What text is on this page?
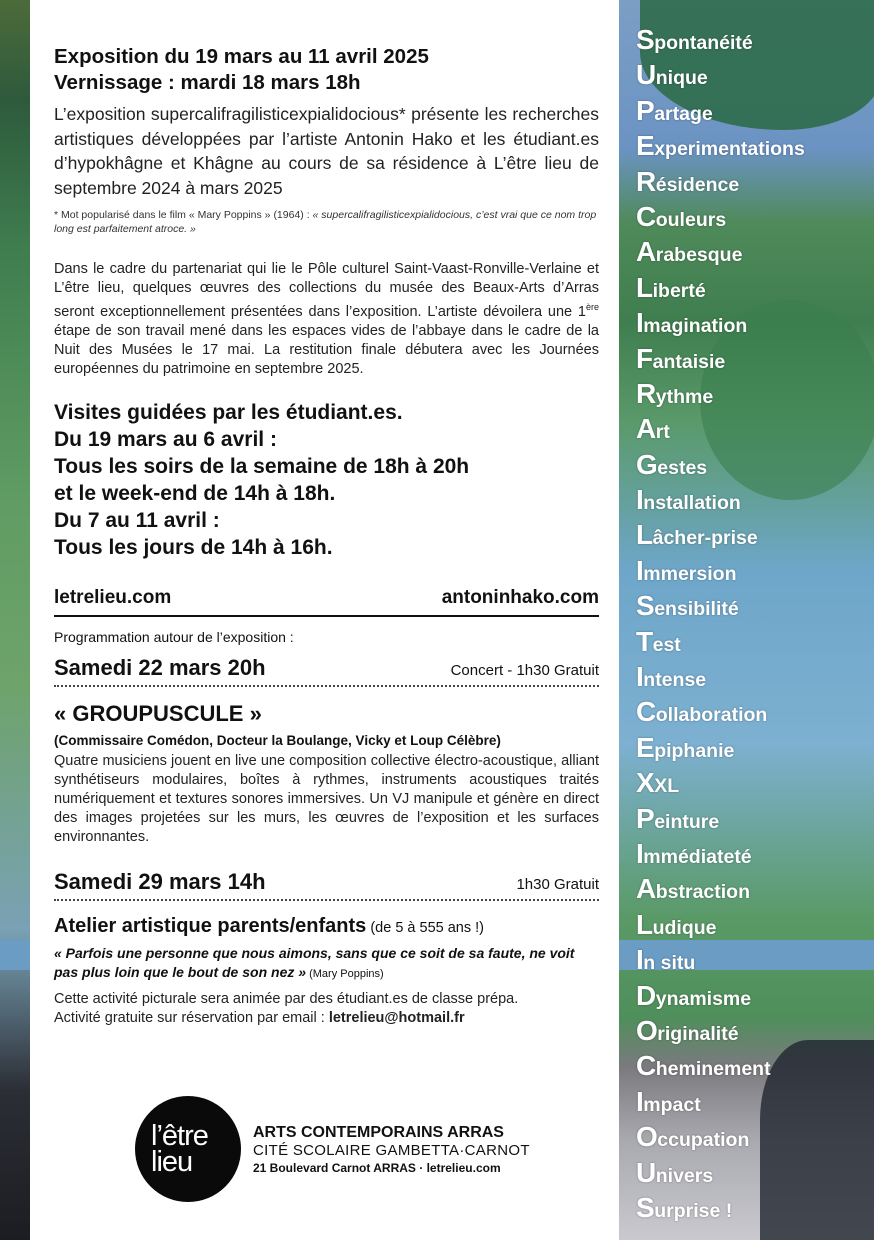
Exposition du 19 mars au 11 avril 2025
Vernissage : mardi 18 mars 18h

L’exposition supercalifragilisticexpialidocious* présente les recherches artistiques développées par l’artiste Antonin Hako et les étudiant.es d’hypokhâgne et Khâgne au cours de sa résidence à L’être lieu de septembre 2024 à mars 2025

* Mot popularisé dans le film « Mary Poppins » (1964) : « supercalifragilisticexpialidocious, c’est vrai que ce nom trop long est parfaitement atroce. »

Dans le cadre du partenariat qui lie le Pôle culturel Saint-Vaast-Ronville-Verlaine et L’être lieu, quelques œuvres des collections du musée des Beaux-Arts d’Arras seront exceptionnellement présentées dans l’exposition. L’artiste dévoilera une 1ère étape de son travail mené dans les espaces vides de l’abbaye dans le cadre de la Nuit des Musées le 17 mai. La restitution finale débutera avec les Journées européennes du patrimoine en septembre 2025.

Visites guidées par les étudiant.es.
Du 19 mars au 6 avril :
Tous les soirs de la semaine de 18h à 20h
et le week-end de 14h à 18h.
Du 7 au 11 avril :
Tous les jours de 14h à 16h.
letrelieu.com	antoninhako.com
Programmation autour de l’exposition :
Samedi 22 mars 20h	Concert - 1h30 Gratuit
« GROUPUSCULE »
(Commissaire Comédon, Docteur la Boulange, Vicky et Loup Célèbre)

Quatre musiciens jouent en live une composition collective électro-acoustique, alliant synthétiseurs modulaires, boîtes à rythmes, instruments acoustiques traités numériquement et textures sonores immersives. Un VJ manipule et génère en direct des images projetées sur les murs, les œuvres de l’exposition et les surfaces environnantes.

Samedi 29 mars 14h	1h30 Gratuit
Atelier artistique parents/enfants (de 5 à 555 ans !)

« Parfois une personne que nous aimons, sans que ce soit de sa faute, ne voit pas plus loin que le bout de son nez » (Mary Poppins)

Cette activité picturale sera animée par des étudiant.es de classe prépa.
Activité gratuite sur réservation par email : letrelieu@hotmail.fr

l’être
lieu
ARTS CONTEMPORAINS ARRAS
CITÉ SCOLAIRE GAMBETTA·CARNOT
21 Boulevard Carnot ARRAS · letrelieu.com
S pontanéité
U nique
P artage
E xperimentations
R ésidence
C ouleurs
A rabesque
L iberté
I magination
F antaisie
R ythme
A rt
G estes
I nstallation
L âcher-prise
I mmersion
S ensibilité
T est
I ntense
C ollaboration
E piphanie
X XL
P einture
I mmédiateté
A bstraction
L udique
I n situ
D ynamisme
O riginalité
C heminement
I mpact
O ccupation
U nivers
S urprise !
